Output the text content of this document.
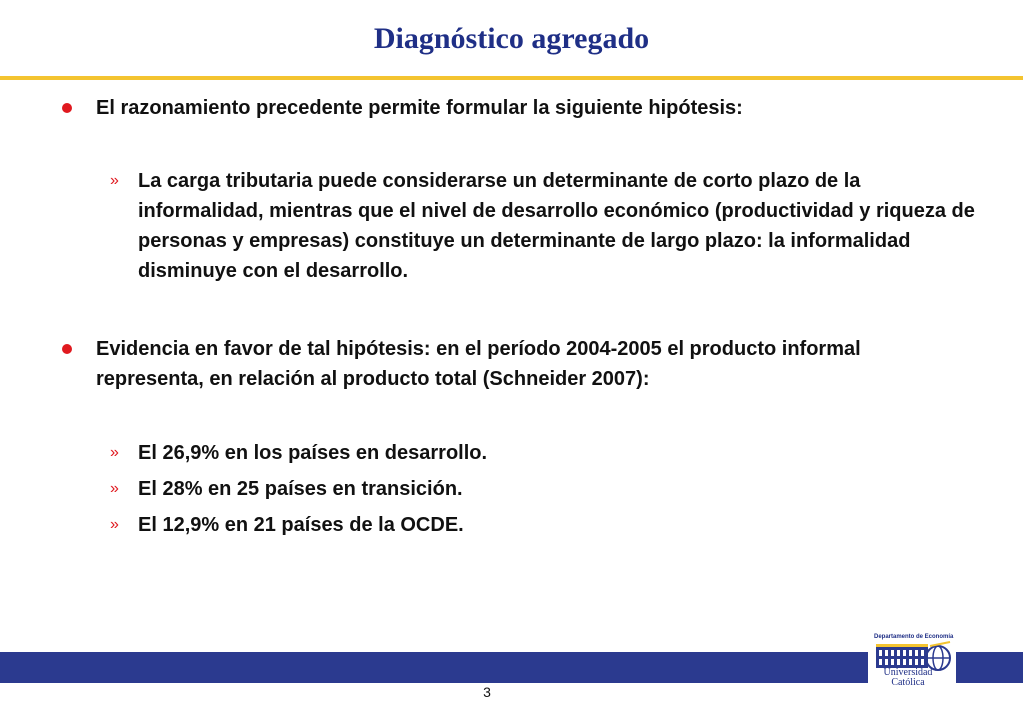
Diagnóstico agregado
El razonamiento precedente permite formular la siguiente hipótesis:
» La carga tributaria puede considerarse un determinante de corto plazo de la informalidad, mientras que el nivel de desarrollo económico (productividad y riqueza de personas y empresas) constituye un determinante de largo plazo: la informalidad disminuye con el desarrollo.
Evidencia en favor de tal hipótesis: en el período 2004-2005 el producto informal representa, en relación al producto total (Schneider 2007):
» El 26,9% en los países en desarrollo.
» El 28% en 25 países en transición.
» El 12,9% en 21 países de la OCDE.
3
Departamento de Economía
Universidad Católica
